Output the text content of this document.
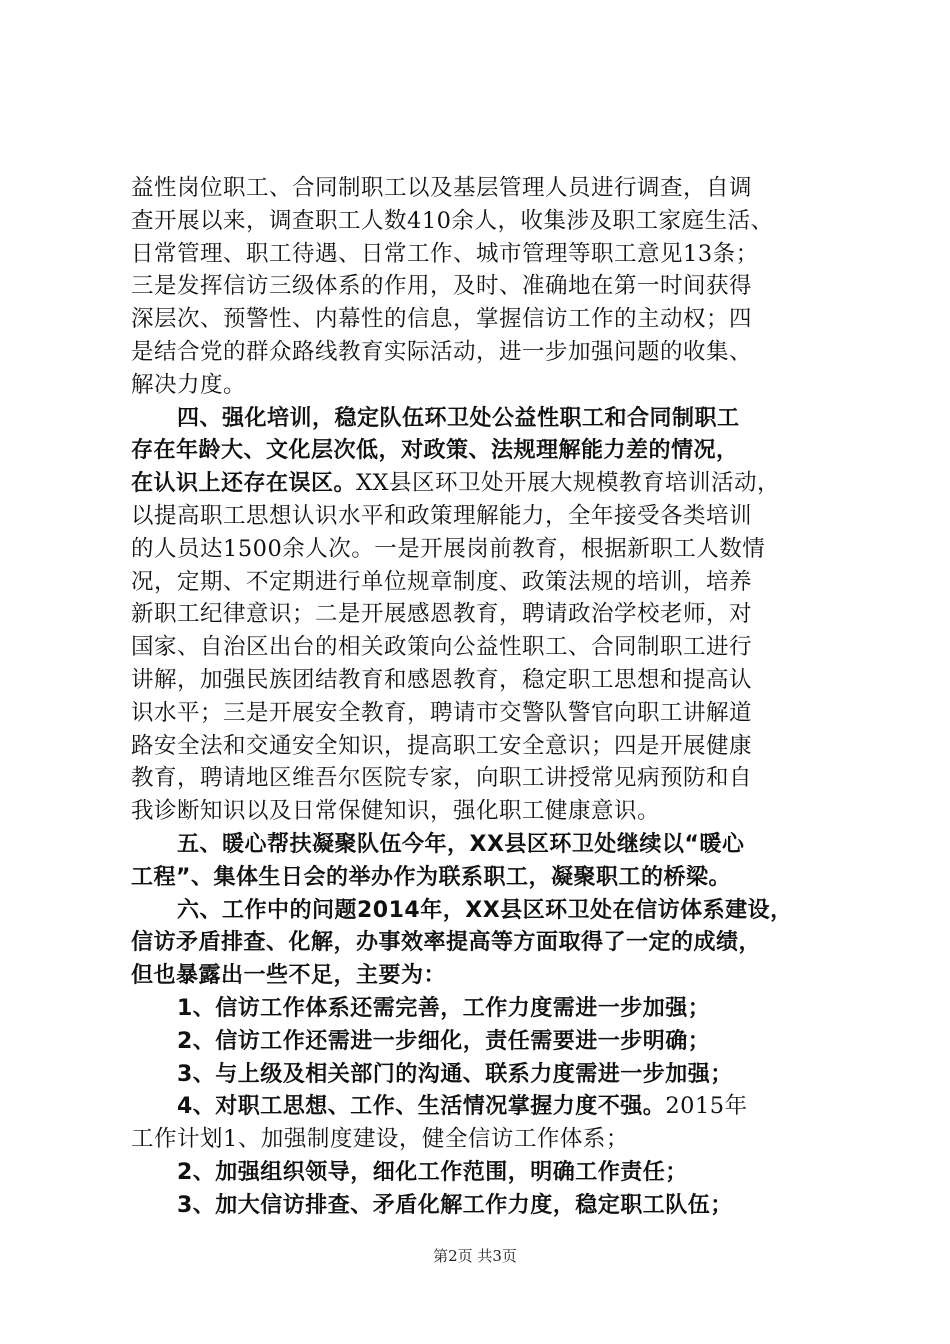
益性岗位职工、合同制职工以及基层管理人员进行调查，自调
查开展以来，调查职工人数410余人，收集涉及职工家庭生活、
日常管理、职工待遇、日常工作、城市管理等职工意见13条；
三是发挥信访三级体系的作用，及时、准确地在第一时间获得
深层次、预警性、内幕性的信息，掌握信访工作的主动权；四
是结合党的群众路线教育实际活动，进一步加强问题的收集、
解决力度。
四、强化培训，稳定队伍环卫处公益性职工和合同制职工
存在年龄大、文化层次低，对政策、法规理解能力差的情况，
在认识上还存在误区。XX县区环卫处开展大规模教育培训活动，
以提高职工思想认识水平和政策理解能力，全年接受各类培训
的人员达1500余人次。一是开展岗前教育，根据新职工人数情
况，定期、不定期进行单位规章制度、政策法规的培训，培养
新职工纪律意识；二是开展感恩教育，聘请政治学校老师，对
国家、自治区出台的相关政策向公益性职工、合同制职工进行
讲解，加强民族团结教育和感恩教育，稳定职工思想和提高认
识水平；三是开展安全教育，聘请市交警队警官向职工讲解道
路安全法和交通安全知识，提高职工安全意识；四是开展健康
教育，聘请地区维吾尔医院专家，向职工讲授常见病预防和自
我诊断知识以及日常保健知识，强化职工健康意识。
五、暖心帮扶凝聚队伍今年，XX县区环卫处继续以“暖心
工程”、集体生日会的举办作为联系职工，凝聚职工的桥梁。
六、工作中的问题2014年，XX县区环卫处在信访体系建设，
信访矛盾排查、化解，办事效率提高等方面取得了一定的成绩，
但也暴露出一些不足，主要为：
1、信访工作体系还需完善，工作力度需进一步加强；
2、信访工作还需进一步细化，责任需要进一步明确；
3、与上级及相关部门的沟通、联系力度需进一步加强；
4、对职工思想、工作、生活情况掌握力度不强。2015年
工作计划1、加强制度建设，健全信访工作体系；
2、加强组织领导，细化工作范围，明确工作责任；
3、加大信访排查、矛盾化解工作力度，稳定职工队伍；
第2页 共3页
